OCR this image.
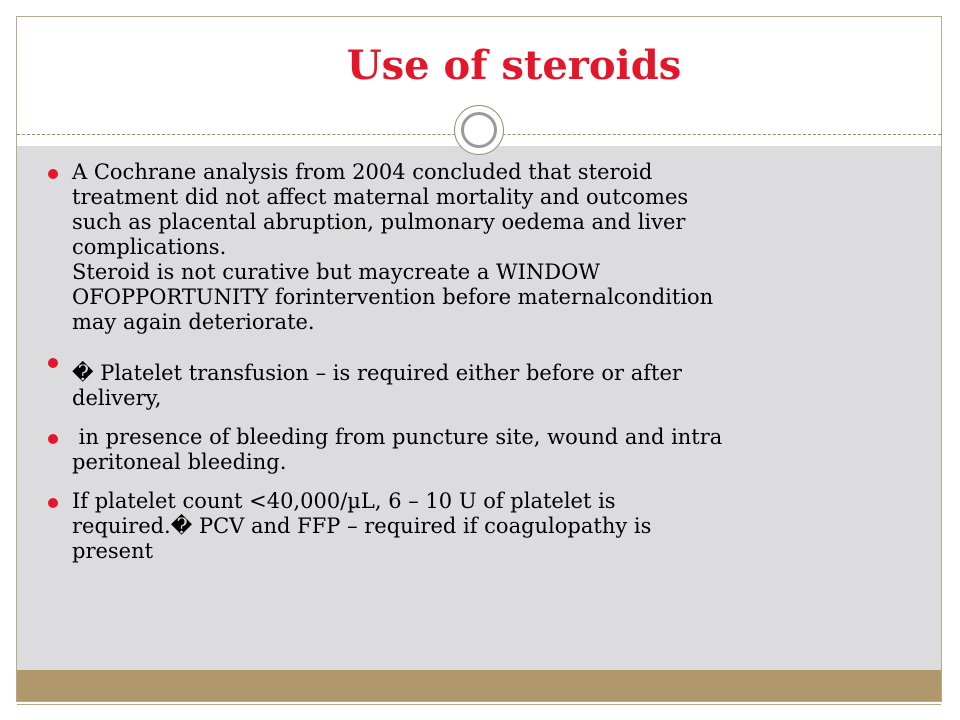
Use of steroids
A Cochrane analysis from 2004 concluded that steroid
treatment did not affect maternal mortality and outcomes
such as placental abruption, pulmonary oedema and liver
complications.
Steroid is not curative but maycreate a WINDOW
OFOPPORTUNITY forintervention before maternalcondition
may again deteriorate.
� Platelet transfusion – is required either before or after
delivery,
in presence of bleeding from puncture site, wound and intra
peritoneal bleeding.
If platelet count <40,000/µL, 6 – 10 U of platelet is
required.� PCV and FFP – required if coagulopathy is
present
